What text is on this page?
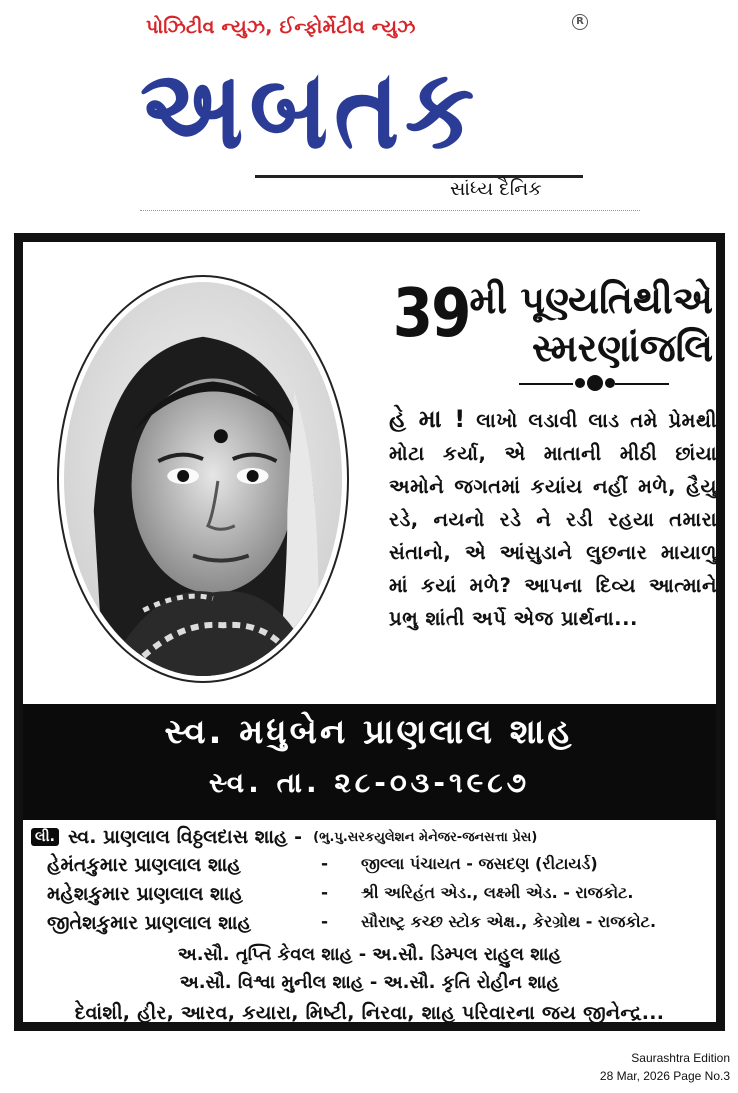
પોઝિટીવ ન્યુઝ, ઈન્ફોર્મેટીવ ન્યુઝ	R
અબતક
સાંધ્ય દૈનિક
39મી પૂણ્યતિથીએ
સ્મરણાંજલિ
હે મા ! લાખો લડાવી લાડ તમે પ્રેમથી મોટા કર્યા, એ માતાની મીઠી છાંયા અમોને જગતમાં કયાંય નહીં મળે, હૈયુ રડે, નયનો રડે ને રડી રહયા તમારા સંતાનો, એ આંસુડાને લુછનાર માયાળુ માં કયાં મળે? આપના દિવ્ય આત્માને પ્રભુ શાંતી અર્પે એજ પ્રાર્થના...
સ્વ. મધુબેન પ્રાણલાલ શાહ
સ્વ. તા. ૨૮-૦૩-૧૯૮૭
લી. સ્વ. પ્રાણલાલ વિઠ્ઠલદાસ શાહ - (ભુ.પુ.સરકયુલેશન મેનેજર-જનસત્તા પ્રેસ)
હેમંતકુમાર પ્રાણલાલ શાહ	- જીલ્લા પંચાયત - જસદણ (રીટાયર્ડ)
મહેશકુમાર પ્રાણલાલ શાહ	- શ્રી અરિહંત એડ., લક્ષ્મી એડ. - રાજકોટ.
જીતેશકુમાર પ્રાણલાલ શાહ	- સૌરાષ્ટ્ર કચ્છ સ્ટોક એક્ષ., કેરગ્રોથ - રાજકોટ.
અ.સૌ. તૃપ્તિ કેવલ શાહ - અ.સૌ. ડિમ્પલ રાહુલ શાહ
અ.સૌ. વિશ્વા મુનીલ શાહ - અ.સૌ. કૃતિ રોહીન શાહ
દેવાંશી, હીર, આરવ, કયારા, મિષ્ટી, નિરવા, શાહ પરિવારના જય જીનેન્દ્ર...
Saurashtra Edition
28 Mar, 2026 Page No.3
